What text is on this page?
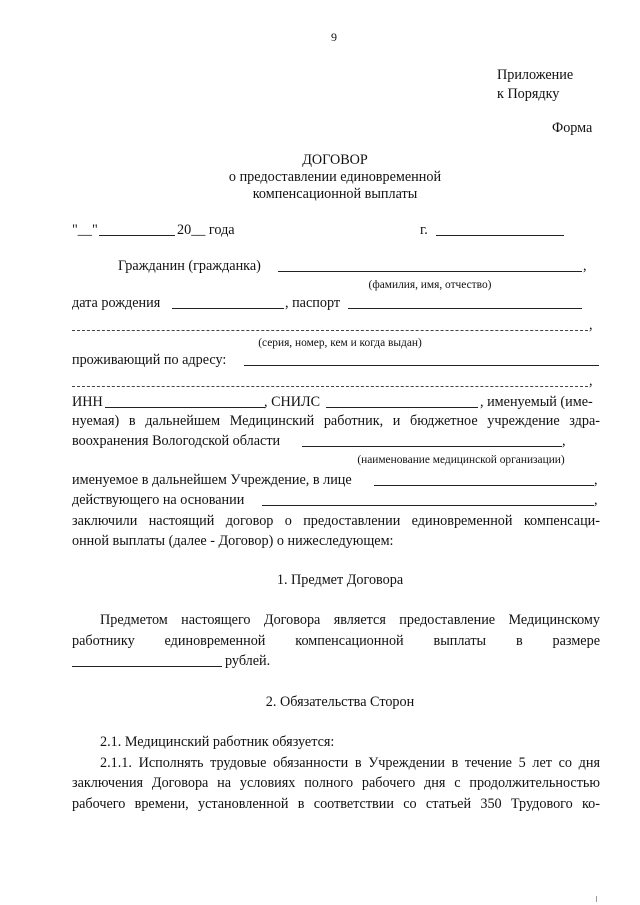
9
Приложение
к Порядку
Форма
ДОГОВОР
о предоставлении единовременной
компенсационной выплаты
"__"	20__ года	г.
Гражданин (гражданка)	,
(фамилия, имя, отчество)
дата рождения	, паспорт
,
(серия, номер, кем и когда выдан)
проживающий по адресу:
,
ИНН	, СНИЛС	, именуемый (име-
нуемая) в дальнейшем Медицинский работник, и бюджетное учреждение здра-
воохранения Вологодской области	,
(наименование медицинской организации)
именуемое в дальнейшем Учреждение, в лице	,
действующего на основании	,
заключили настоящий договор о предоставлении единовременной компенсаци-
онной выплаты (далее - Договор) о нижеследующем:
1. Предмет Договора
Предметом настоящего Договора является предоставление Медицинскому
работнику единовременной компенсационной выплаты в размере
рублей.
2. Обязательства Сторон
2.1. Медицинский работник обязуется:
2.1.1. Исполнять трудовые обязанности в Учреждении в течение 5 лет со дня
заключения Договора на условиях полного рабочего дня с продолжительностью
рабочего времени, установленной в соответствии со статьей 350 Трудового ко-
